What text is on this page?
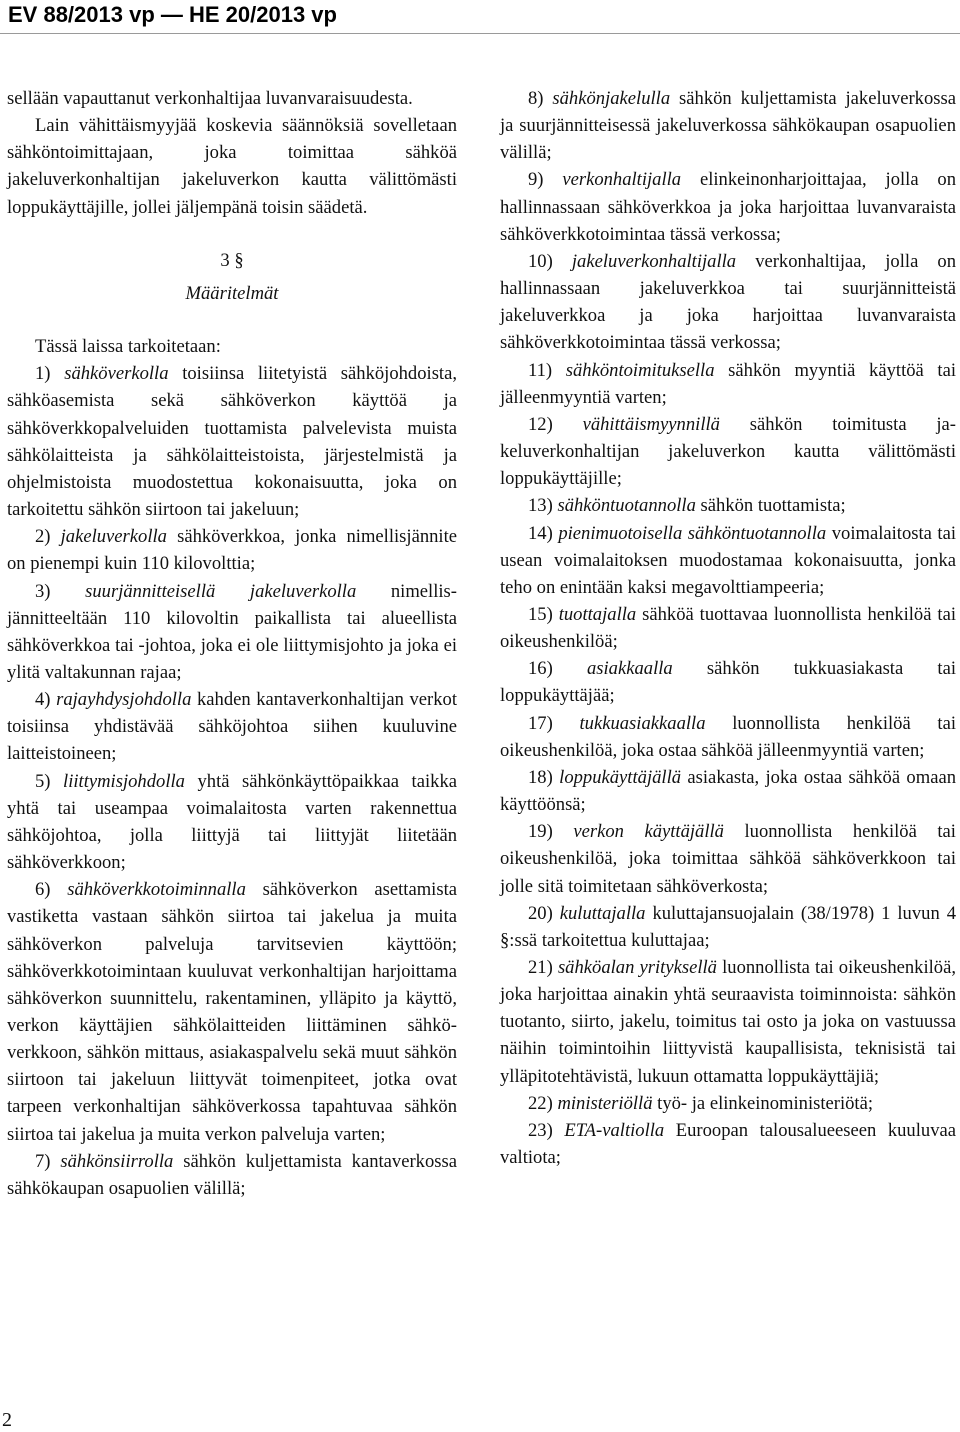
EV 88/2013 vp — HE 20/2013 vp

sellään vapauttanut verkonhaltijaa luvanvaraisuudesta.

Lain vähittäismyyjää koskevia säännöksiä sovelletaan sähköntoimittajaan, joka toimittaa sähköä jakeluverkonhaltijan jakeluverkon kautta välittömästi loppukäyttäjille, jollei jäljempänä toisin säädetä.

3 §

Määritelmät

Tässä laissa tarkoitetaan:

1) sähköverkolla toisiinsa liitetyistä sähköjohdoista, sähköasemista sekä sähköverkon käyttöä ja sähköverkkopalveluiden tuottamista palvelevista muista sähkölaitteista ja sähkölaitteistoista, järjestelmistä ja ohjelmistoista muodostettua kokonaisuutta, joka on tarkoitettu sähkön siirtoon tai jakeluun;

2) jakeluverkolla sähköverkkoa, jonka nimellisjännite on pienempi kuin 110 kilovolttia;

3) suurjännitteisellä jakeluverkolla nimellisjännitteeltään 110 kilovoltin paikallista tai alueellista sähköverkkoa tai -johtoa, joka ei ole liittymisjohto ja joka ei ylitä valtakunnan rajaa;

4) rajayhdysjohdolla kahden kantaverkonhaltijan verkot toisiinsa yhdistävää sähköjohtoa siihen kuuluvine laitteistoineen;

5) liittymisjohdolla yhtä sähkönkäyttöpaikkaa taikka yhtä tai useampaa voimalaitosta varten rakennettua sähköjohtoa, jolla liittyjä tai liittyjät liitetään sähköverkkoon;

6) sähköverkkotoiminnalla sähköverkon asettamista vastiketta vastaan sähkön siirtoa tai jakelua ja muita sähköverkon palveluja tarvitsevien käyttöön; sähköverkkotoimintaan kuuluvat verkonhaltijan harjoittama sähköverkon suunnittelu, rakentaminen, ylläpito ja käyttö, verkon käyttäjien sähkölaitteiden liittäminen sähköverkkoon, sähkön mittaus, asiakaspalvelu sekä muut sähkön siirtoon tai jakeluun liittyvät toimenpiteet, jotka ovat tarpeen verkonhaltijan sähköverkossa tapahtuvaa sähkön siirtoa tai jakelua ja muita verkon palveluja varten;

7) sähkönsiirrolla sähkön kuljettamista kantaverkossa sähkökaupan osapuolien välillä;

8) sähkönjakelulla sähkön kuljettamista jakeluverkossa ja suurjännitteisessä jakeluverkossa sähkökaupan osapuolien välillä;

9) verkonhaltijalla elinkeinonharjoittajaa, jolla on hallinnassaan sähköverkkoa ja joka harjoittaa luvanvaraista sähköverkkotoimintaa tässä verkossa;

10) jakeluverkonhaltijalla verkonhaltijaa, jolla on hallinnassaan jakeluverkkoa tai suurjännitteistä jakeluverkkoa ja joka harjoittaa luvanvaraista sähköverkkotoimintaa tässä verkossa;

11) sähköntoimituksella sähkön myyntiä käyttöä tai jälleenmyyntiä varten;

12) vähittäismyynnillä sähkön toimitusta jakeluverkonhaltijan jakeluverkon kautta välittömästi loppukäyttäjille;

13) sähköntuotannolla sähkön tuottamista;

14) pienimuotoisella sähköntuotannolla voimalaitosta tai usean voimalaitoksen muodostamaa kokonaisuutta, jonka teho on enintään kaksi megavolttiampeeria;

15) tuottajalla sähköä tuottavaa luonnollista henkilöä tai oikeushenkilöä;

16) asiakkaalla sähkön tukkuasiakasta tai loppukäyttäjää;

17) tukkuasiakkaalla luonnollista henkilöä tai oikeushenkilöä, joka ostaa sähköä jälleenmyyntiä varten;

18) loppukäyttäjällä asiakasta, joka ostaa sähköä omaan käyttöönsä;

19) verkon käyttäjällä luonnollista henkilöä tai oikeushenkilöä, joka toimittaa sähköä sähköverkkoon tai jolle sitä toimitetaan sähköverkosta;

20) kuluttajalla kuluttajansuojalain (38/1978) 1 luvun 4 §:ssä tarkoitettua kuluttajaa;

21) sähköalan yrityksellä luonnollista tai oikeushenkilöä, joka harjoittaa ainakin yhtä seuraavista toiminnoista: sähkön tuotanto, siirto, jakelu, toimitus tai osto ja joka on vastuussa näihin toimintoihin liittyvistä kaupallisista, teknisistä tai ylläpitotehtävistä, lukuun ottamatta loppukäyttäjiä;

22) ministeriöllä työ- ja elinkeinoministeriötä;

23) ETA-valtiolla Euroopan talousalueeseen kuuluvaa valtiota;

2
